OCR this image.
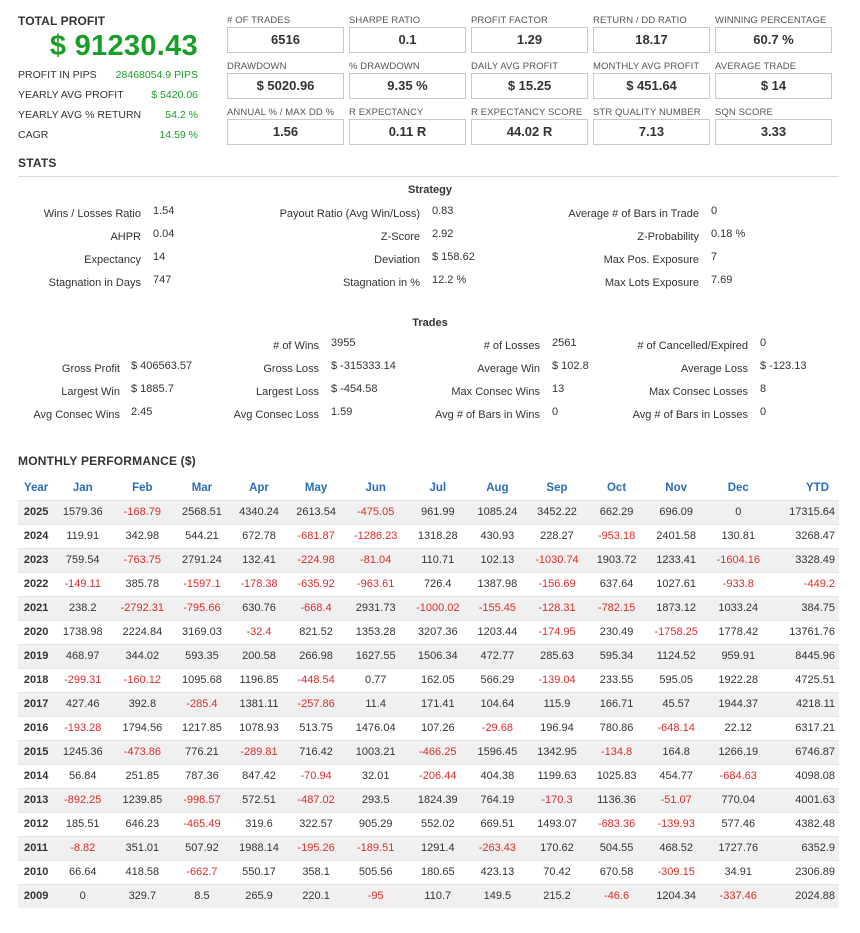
TOTAL PROFIT
$ 91230.43
PROFIT IN PIPS 28468054.9 PIPS
YEARLY AVG PROFIT	$ 5420.06
YEARLY AVG % RETURN 54.2 %
CAGR	14.59 %
# OF TRADES
6516
SHARPE RATIO
0.1
PROFIT FACTOR
1.29
RETURN / DD RATIO
18.17
WINNING PERCENTAGE
60.7 %
DRAWDOWN
$ 5020.96
% DRAWDOWN
9.35 %
DAILY AVG PROFIT
$ 15.25
MONTHLY AVG PROFIT
$ 451.64
AVERAGE TRADE
$ 14
ANNUAL % / MAX DD %
1.56
R EXPECTANCY
0.11 R
R EXPECTANCY SCORE
44.02 R
STR QUALITY NUMBER
7.13
SQN SCORE
3.33
STATS
Strategy
Wins / Losses Ratio 1.54	Payout Ratio (Avg Win/Loss) 0.83	Average # of Bars in Trade 0
AHPR 0.04	Z-Score 2.92	Z-Probability 0.18 %
Expectancy 14	Deviation $ 158.62	Max Pos. Exposure 7
Stagnation in Days 747	Stagnation in % 12.2 %	Max Lots Exposure 7.69
Trades
# of Wins 3955	# of Losses 2561	# of Cancelled/Expired 0
Gross Profit $ 406563.57	Gross Loss $ -315333.14	Average Win $ 102.8	Average Loss $ -123.13
Largest Win $ 1885.7	Largest Loss $ -454.58	Max Consec Wins 13	Max Consec Losses 8
Avg Consec Wins 2.45	Avg Consec Loss 1.59	Avg # of Bars in Wins 0	Avg # of Bars in Losses 0
MONTHLY PERFORMANCE ($)
Year	Jan	Feb	Mar	Apr	May	Jun	Jul	Aug	Sep	Oct	Nov	Dec	YTD
2025	1579.36	-168.79	2568.51	4340.24	2613.54	-475.05	961.99	1085.24	3452.22	662.29	696.09	0	17315.64
2024	119.91	342.98	544.21	672.78	-681.87	-1286.23	1318.28	430.93	228.27	-953.18	2401.58	130.81	3268.47
2023	759.54	-763.75	2791.24	132.41	-224.98	-81.04	110.71	102.13	-1030.74	1903.72	1233.41	-1604.16	3328.49
2022	-149.11	385.78	-1597.1	-178.38	-635.92	-963.61	726.4	1387.98	-156.69	637.64	1027.61	-933.8	-449.2
2021	238.2	-2792.31	-795.66	630.76	-668.4	2931.73	-1000.02	-155.45	-128.31	-782.15	1873.12	1033.24	384.75
2020	1738.98	2224.84	3169.03	-32.4	821.52	1353.28	3207.36	1203.44	-174.95	230.49	-1758.25	1778.42	13761.76
2019	468.97	344.02	593.35	200.58	266.98	1627.55	1506.34	472.77	285.63	595.34	1124.52	959.91	8445.96
2018	-299.31	-160.12	1095.68	1196.85	-448.54	0.77	162.05	566.29	-139.04	233.55	595.05	1922.28	4725.51
2017	427.46	392.8	-285.4	1381.11	-257.86	11.4	171.41	104.64	115.9	166.71	45.57	1944.37	4218.11
2016	-193.28	1794.56	1217.85	1078.93	513.75	1476.04	107.26	-29.68	196.94	780.86	-648.14	22.12	6317.21
2015	1245.36	-473.86	776.21	-289.81	716.42	1003.21	-466.25	1596.45	1342.95	-134.8	164.8	1266.19	6746.87
2014	56.84	251.85	787.36	847.42	-70.94	32.01	-206.44	404.38	1199.63	1025.83	454.77	-684.63	4098.08
2013	-892.25	1239.85	-998.57	572.51	-487.02	293.5	1824.39	764.19	-170.3	1136.36	-51.07	770.04	4001.63
2012	185.51	646.23	-465.49	319.6	322.57	905.29	552.02	669.51	1493.07	-683.36	-139.93	577.46	4382.48
2011	-8.82	351.01	507.92	1988.14	-195.26	-189.51	1291.4	-263.43	170.62	504.55	468.52	1727.76	6352.9
2010	66.64	418.58	-662.7	550.17	358.1	505.56	180.65	423.13	70.42	670.58	-309.15	34.91	2306.89
2009	0	329.7	8.5	265.9	220.1	-95	110.7	149.5	215.2	-46.6	1204.34	-337.46	2024.88
